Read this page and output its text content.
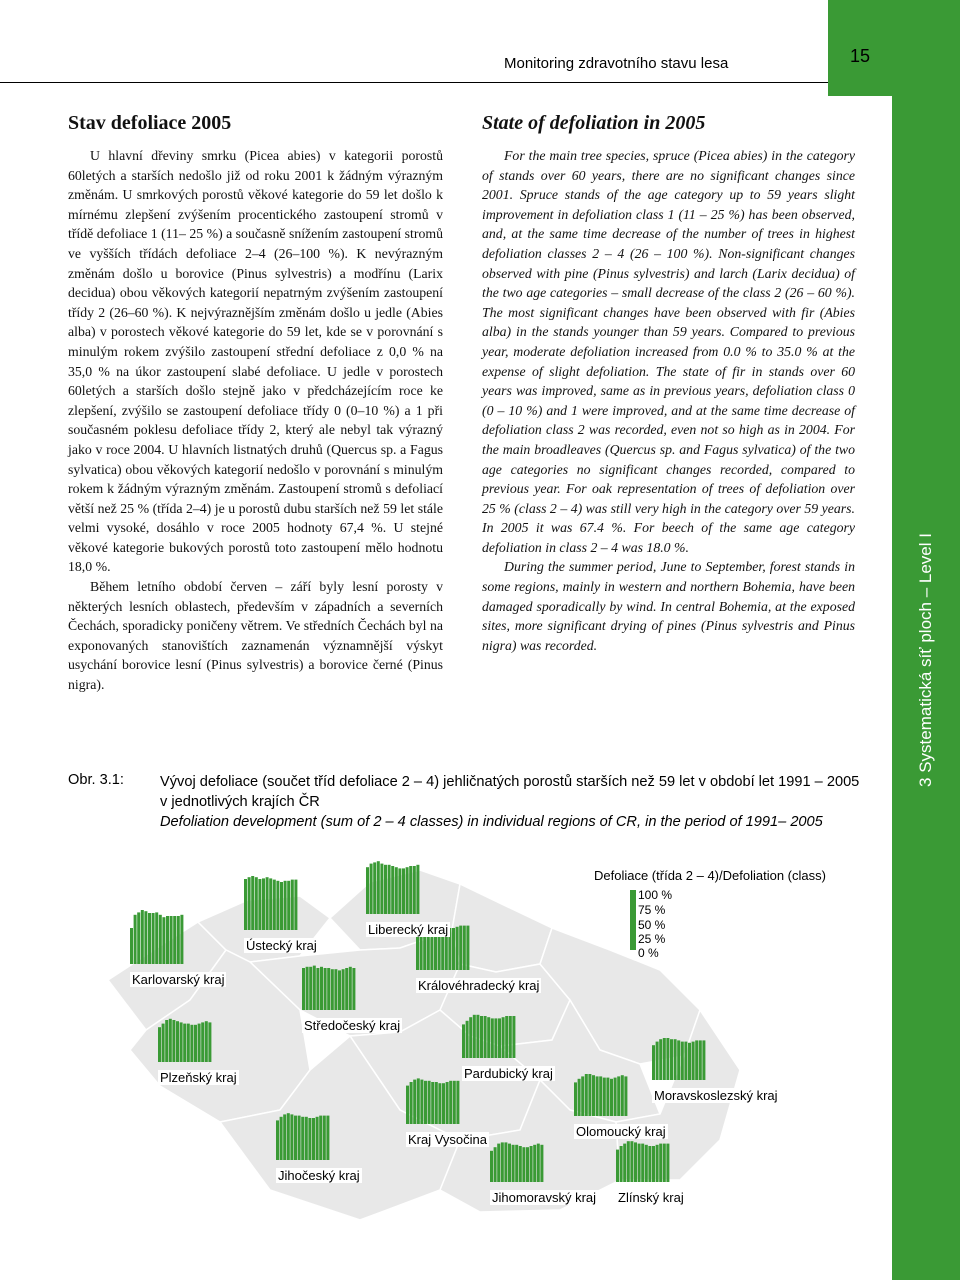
Monitoring zdravotního stavu lesa	15
3 Systematická síť ploch – Level I
Stav defoliace 2005

U hlavní dřeviny smrku (Picea abies) v kategorii porostů 60letých a starších nedošlo již od roku 2001 k žádným výrazným změnám. U smrkových porostů věkové kategorie do 59 let došlo k mírnému zlepšení zvýšením procentického zastoupení stromů v třídě defoliace 1 (11– 25 %) a současně snížením zastoupení stromů ve vyšších třídách defoliace 2–4 (26–100 %). K nevýrazným změnám došlo u borovice (Pinus sylvestris) a modřínu (Larix decidua) obou věkových kategorií nepatrným zvýšením zastoupení třídy 2 (26–60 %). K nejvýraznějším změnám došlo u jedle (Abies alba) v porostech věkové kategorie do 59 let, kde se v porovnání s minulým rokem zvýšilo zastoupení střední defoliace z 0,0 % na 35,0 % na úkor zastoupení slabé defoliace. U jedle v porostech 60letých a starších došlo stejně jako v předcházejícím roce ke zlepšení, zvýšilo se zastoupení defoliace třídy 0 (0–10 %) a 1 při současném poklesu defoliace třídy 2, který ale nebyl tak výrazný jako v roce 2004. U hlavních listnatých druhů (Quercus sp. a Fagus sylvatica) obou věkových kategorií nedošlo v porovnání s minulým rokem k žádným výrazným změnám. Zastoupení stromů s defoliací větší než 25 % (třída 2–4) je u porostů dubu starších než 59 let stále velmi vysoké, dosáhlo v roce 2005 hodnoty 67,4 %. U stejné věkové kategorie bukových porostů toto zastoupení mělo hodnotu 18,0 %.

Během letního období červen – září byly lesní porosty v některých lesních oblastech, především v západních a severních Čechách, sporadicky poničeny větrem. Ve středních Čechách byl na exponovaných stanovištích zaznamenán významnější výskyt usychání borovice lesní (Pinus sylvestris) a borovice černé (Pinus nigra).

State of defoliation in 2005

For the main tree species, spruce (Picea abies) in the category of stands over 60 years, there are no significant changes since 2001. Spruce stands of the age category up to 59 years slight improvement in defoliation class 1 (11 – 25 %) has been observed, and, at the same time decrease of the number of trees in highest defoliation classes 2 – 4 (26 – 100 %). Non-significant changes observed with pine (Pinus sylvestris) and larch (Larix decidua) of the two age categories – small decrease of the class 2 (26 – 60 %). The most significant changes have been observed with fir (Abies alba) in the stands younger than 59 years. Compared to previous year, moderate defoliation increased from 0.0 % to 35.0 % at the expense of slight defoliation. The state of fir in stands over 60 years was improved, same as in previous years, defoliation class 0 (0 – 10 %) and 1 were improved, and at the same time decrease of defoliation class 2 was recorded, even not so high as in 2004. For the main broadleaves (Quercus sp. and Fagus sylvatica) of the two age categories no significant changes recorded, compared to previous year. For oak representation of trees of defoliation over 25 % (class 2 – 4) was still very high in the category over 59 years. In 2005 it was 67.4 %. For beech of the same age category defoliation in class 2 – 4 was 18.0 %.

During the summer period, June to September, forest stands in some regions, mainly in western and northern Bohemia, have been damaged sporadically by wind. In central Bohemia, at the exposed sites, more significant drying of pines (Pinus sylvestris and Pinus nigra) was recorded.

Obr. 3.1: Vývoj defoliace (součet tříd defoliace 2 – 4) jehličnatých porostů starších než 59 let v období let 1991 – 2005 v jednotlivých krajích ČR

Defoliation development (sum of 2 – 4 classes) in individual regions of CR, in the period of 1991– 2005

Karlovarský kraj
Ústecký kraj
Liberecký kraj
Královéhradecký kraj
Středočeský kraj
Plzeňský kraj	Pardubický kraj
Moravskoslezský kraj
Kraj Vysočina
Olomoucký kraj
Jihočeský kraj
Jihomoravský kraj Zlínský kraj
Defoliace (třída 2 – 4)/Defoliation (class)
100 %
75 %
50 %
25 %
0 %
